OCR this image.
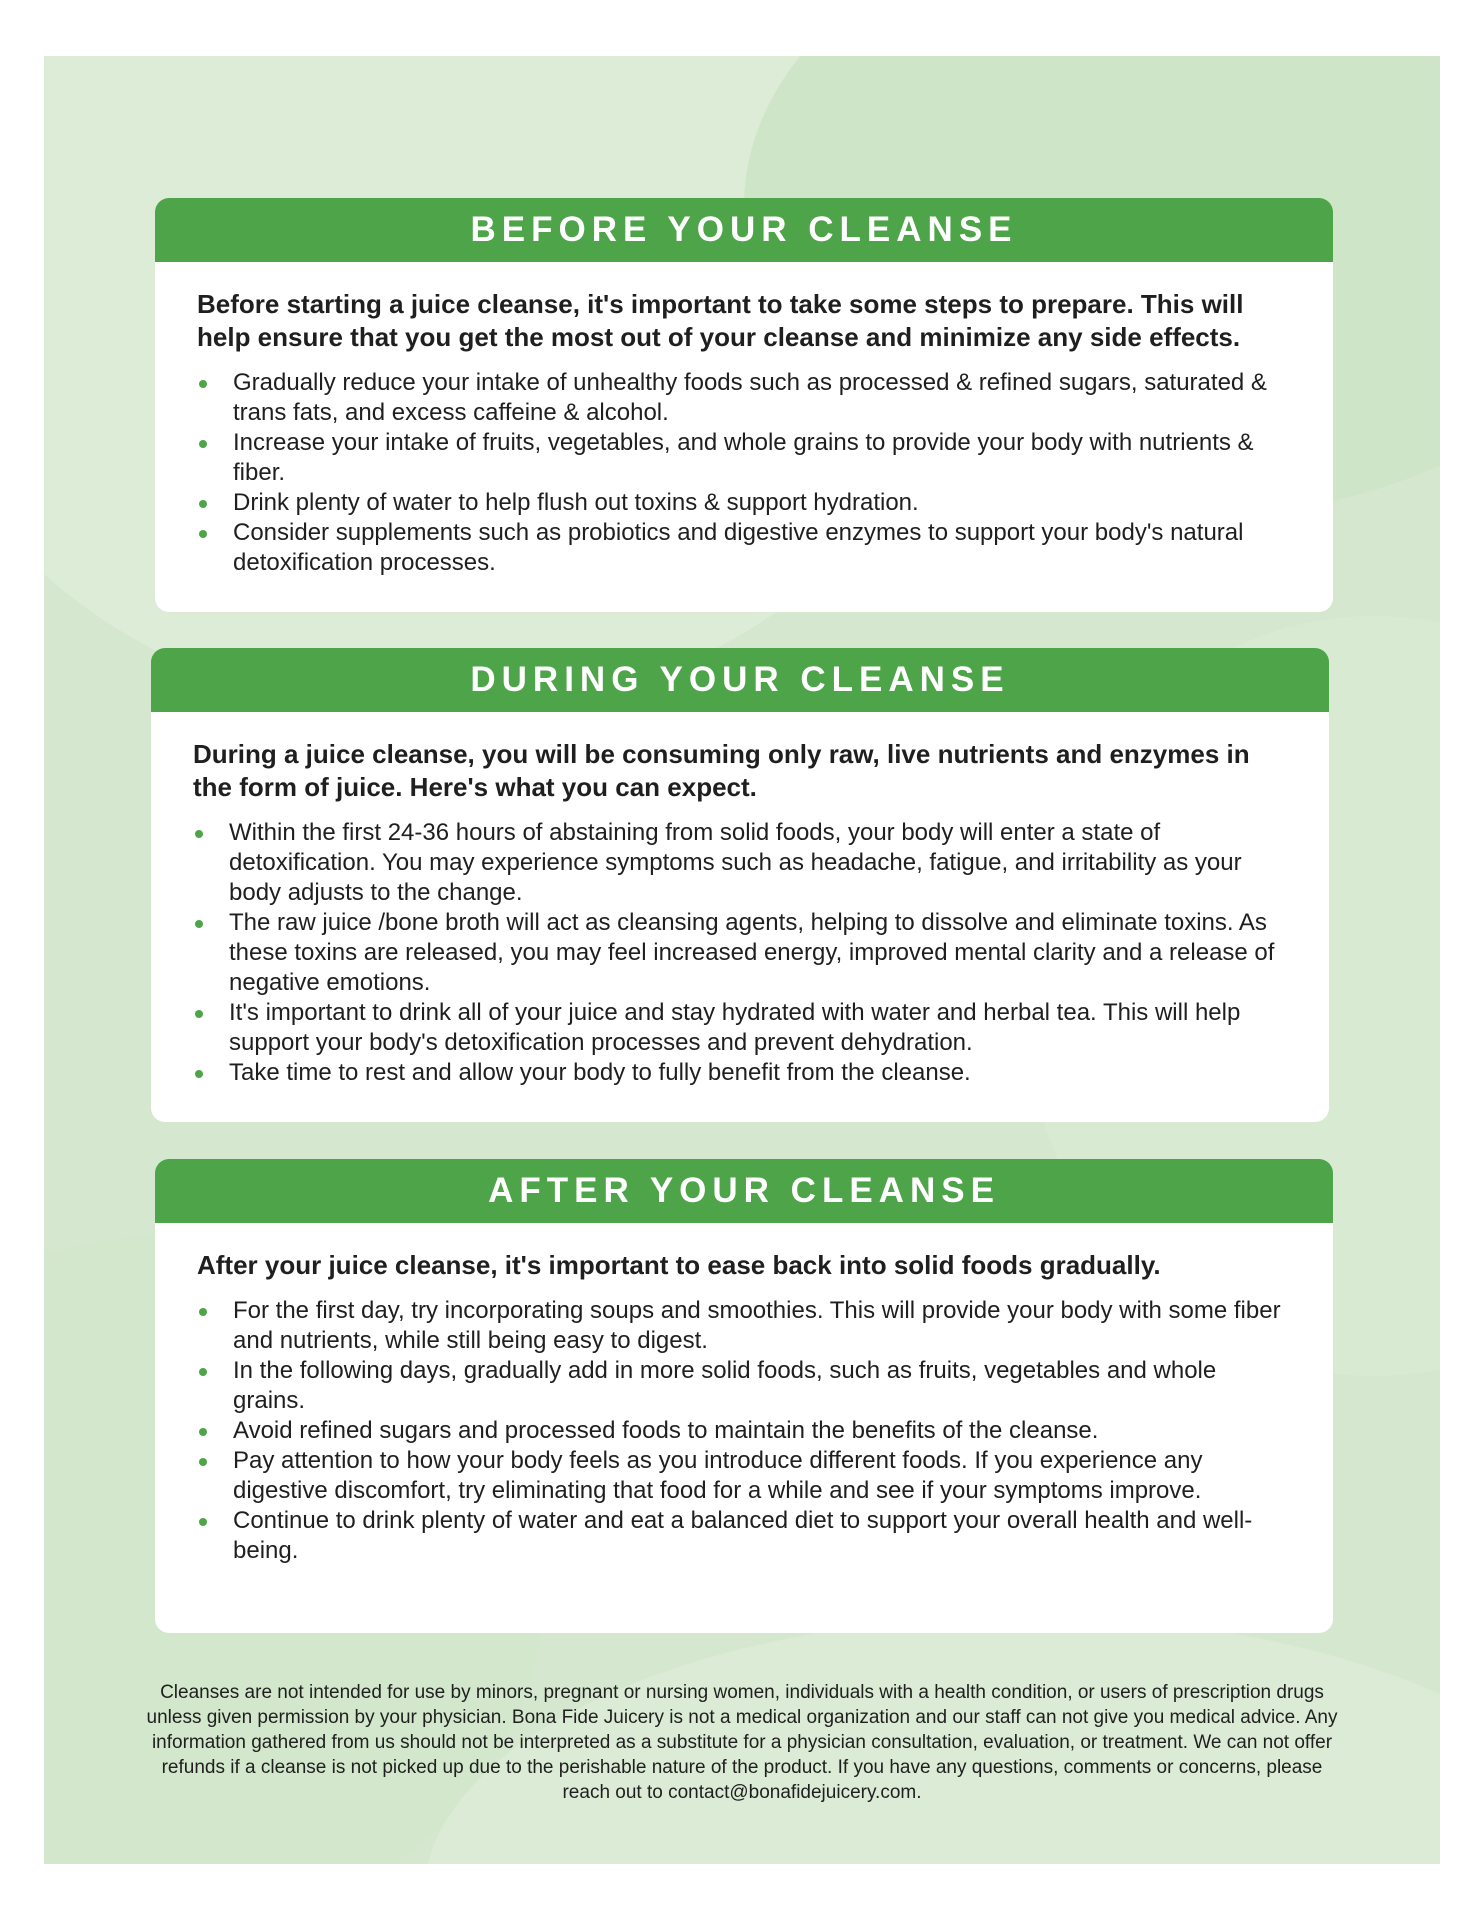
BEFORE YOUR CLEANSE
Before starting a juice cleanse, it's important to take some steps to prepare. This will help ensure that you get the most out of your cleanse and minimize any side effects.
Gradually reduce your intake of unhealthy foods such as processed & refined sugars, saturated & trans fats, and excess caffeine & alcohol.
Increase your intake of fruits, vegetables, and whole grains to provide your body with nutrients & fiber.
Drink plenty of water to help flush out toxins & support hydration.
Consider supplements such as probiotics and digestive enzymes to support your body's natural detoxification processes.
DURING YOUR CLEANSE
During a juice cleanse, you will be consuming only raw, live nutrients and enzymes in the form of juice. Here's what you can expect.
Within the first 24-36 hours of abstaining from solid foods, your body will enter a state of detoxification. You may experience symptoms such as headache, fatigue, and irritability as your body adjusts to the change.
The raw juice /bone broth will act as cleansing agents, helping to dissolve and eliminate toxins. As these toxins are released, you may feel increased energy, improved mental clarity and a release of negative emotions.
It's important to drink all of your juice and stay hydrated with water and herbal tea. This will help support your body's detoxification processes and prevent dehydration.
Take time to rest and allow your body to fully benefit from the cleanse.
AFTER YOUR CLEANSE
After your juice cleanse, it's important to ease back into solid foods gradually.
For the first day, try incorporating soups and smoothies. This will provide your body with some fiber and nutrients, while still being easy to digest.
In the following days, gradually add in more solid foods, such as fruits, vegetables and whole grains.
Avoid refined sugars and processed foods to maintain the benefits of the cleanse.
Pay attention to how your body feels as you introduce different foods. If you experience any digestive discomfort, try eliminating that food for a while and see if your symptoms improve.
Continue to drink plenty of water and eat a balanced diet to support your overall health and well-being.
Cleanses are not intended for use by minors, pregnant or nursing women, individuals with a health condition, or users of prescription drugs unless given permission by your physician. Bona Fide Juicery is not a medical organization and our staff can not give you medical advice. Any information gathered from us should not be interpreted as a substitute for a physician consultation, evaluation, or treatment. We can not offer refunds if a cleanse is not picked up due to the perishable nature of the product. If you have any questions, comments or concerns, please reach out to contact@bonafidejuicery.com.
